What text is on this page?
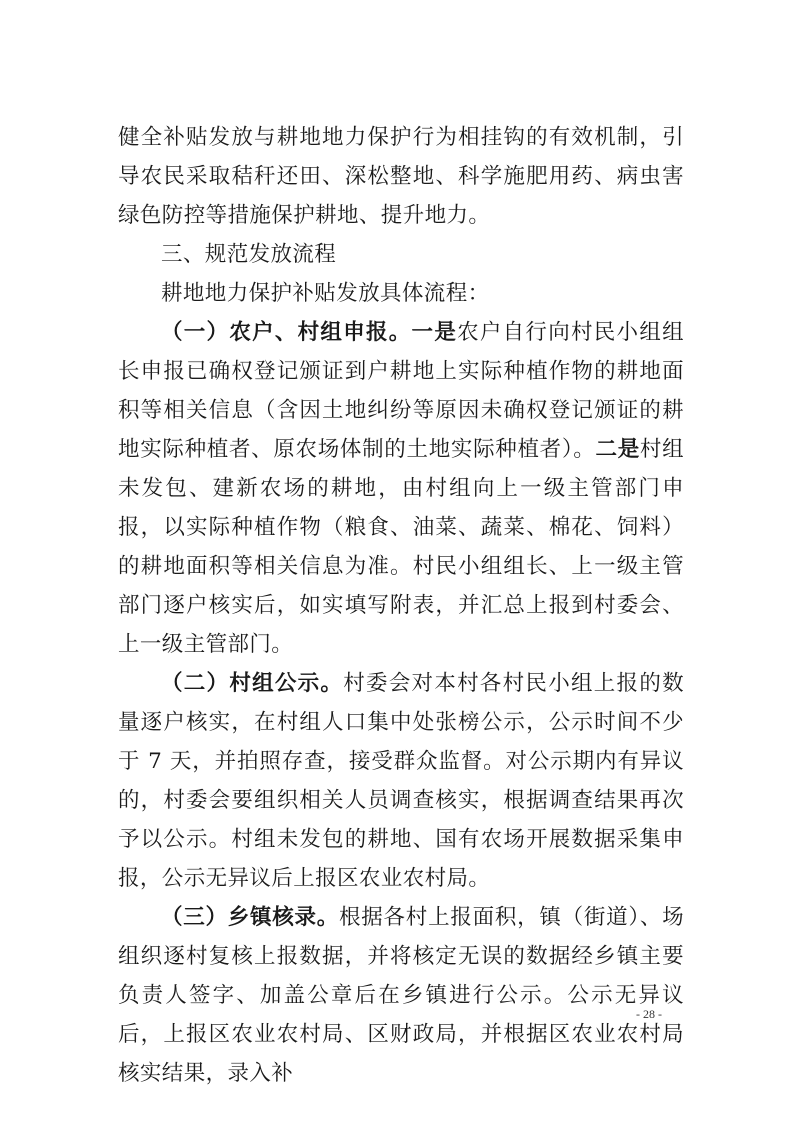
健全补贴发放与耕地地力保护行为相挂钩的有效机制，引导农民采取秸秆还田、深松整地、科学施肥用药、病虫害绿色防控等措施保护耕地、提升地力。

三、规范发放流程

耕地地力保护补贴发放具体流程：

（一）农户、村组申报。一是农户自行向村民小组组长申报已确权登记颁证到户耕地上实际种植作物的耕地面积等相关信息（含因土地纠纷等原因未确权登记颁证的耕地实际种植者、原农场体制的土地实际种植者）。二是村组未发包、建新农场的耕地，由村组向上一级主管部门申报，以实际种植作物（粮食、油菜、蔬菜、棉花、饲料）的耕地面积等相关信息为准。村民小组组长、上一级主管部门逐户核实后，如实填写附表，并汇总上报到村委会、上一级主管部门。

（二）村组公示。村委会对本村各村民小组上报的数量逐户核实，在村组人口集中处张榜公示，公示时间不少于 7 天，并拍照存查，接受群众监督。对公示期内有异议的，村委会要组织相关人员调查核实，根据调查结果再次予以公示。村组未发包的耕地、国有农场开展数据采集申报，公示无异议后上报区农业农村局。

（三）乡镇核录。根据各村上报面积，镇（街道）、场组织逐村复核上报数据，并将核定无误的数据经乡镇主要负责人签字、加盖公章后在乡镇进行公示。公示无异议后，上报区农业农村局、区财政局，并根据区农业农村局核实结果，录入补

- 28 -
